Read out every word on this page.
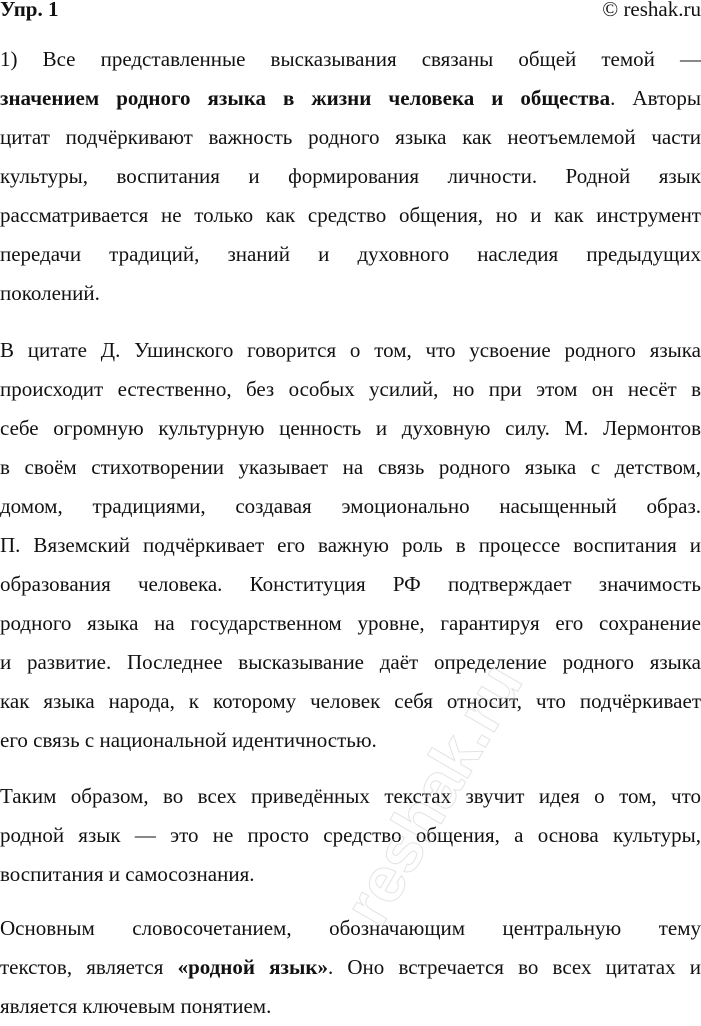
Упр. 1	© reshak.ru
1) Все представленные высказывания связаны общей темой —
значением родного языка в жизни человека и общества. Авторы
цитат подчёркивают важность родного языка как неотъемлемой части
культуры, воспитания и формирования личности. Родной язык
рассматривается не только как средство общения, но и как инструмент
передачи традиций, знаний и духовного наследия предыдущих
поколений.
В цитате Д. Ушинского говорится о том, что усвоение родного языка
происходит естественно, без особых усилий, но при этом он несёт в
себе огромную культурную ценность и духовную силу. М. Лермонтов
в своём стихотворении указывает на связь родного языка с детством,
домом, традициями, создавая эмоционально насыщенный образ.
П. Вяземский подчёркивает его важную роль в процессе воспитания и
образования человека. Конституция РФ подтверждает значимость
родного языка на государственном уровне, гарантируя его сохранение
и развитие. Последнее высказывание даёт определение родного языка
как языка народа, к которому человек себя относит, что подчёркивает
его связь с национальной идентичностью.
Таким образом, во всех приведённых текстах звучит идея о том, что
родной язык — это не просто средство общения, а основа культуры,
воспитания и самосознания.
Основным словосочетанием, обозначающим центральную тему
текстов, является «родной язык». Оно встречается во всех цитатах и
является ключевым понятием.
reshak.ru
